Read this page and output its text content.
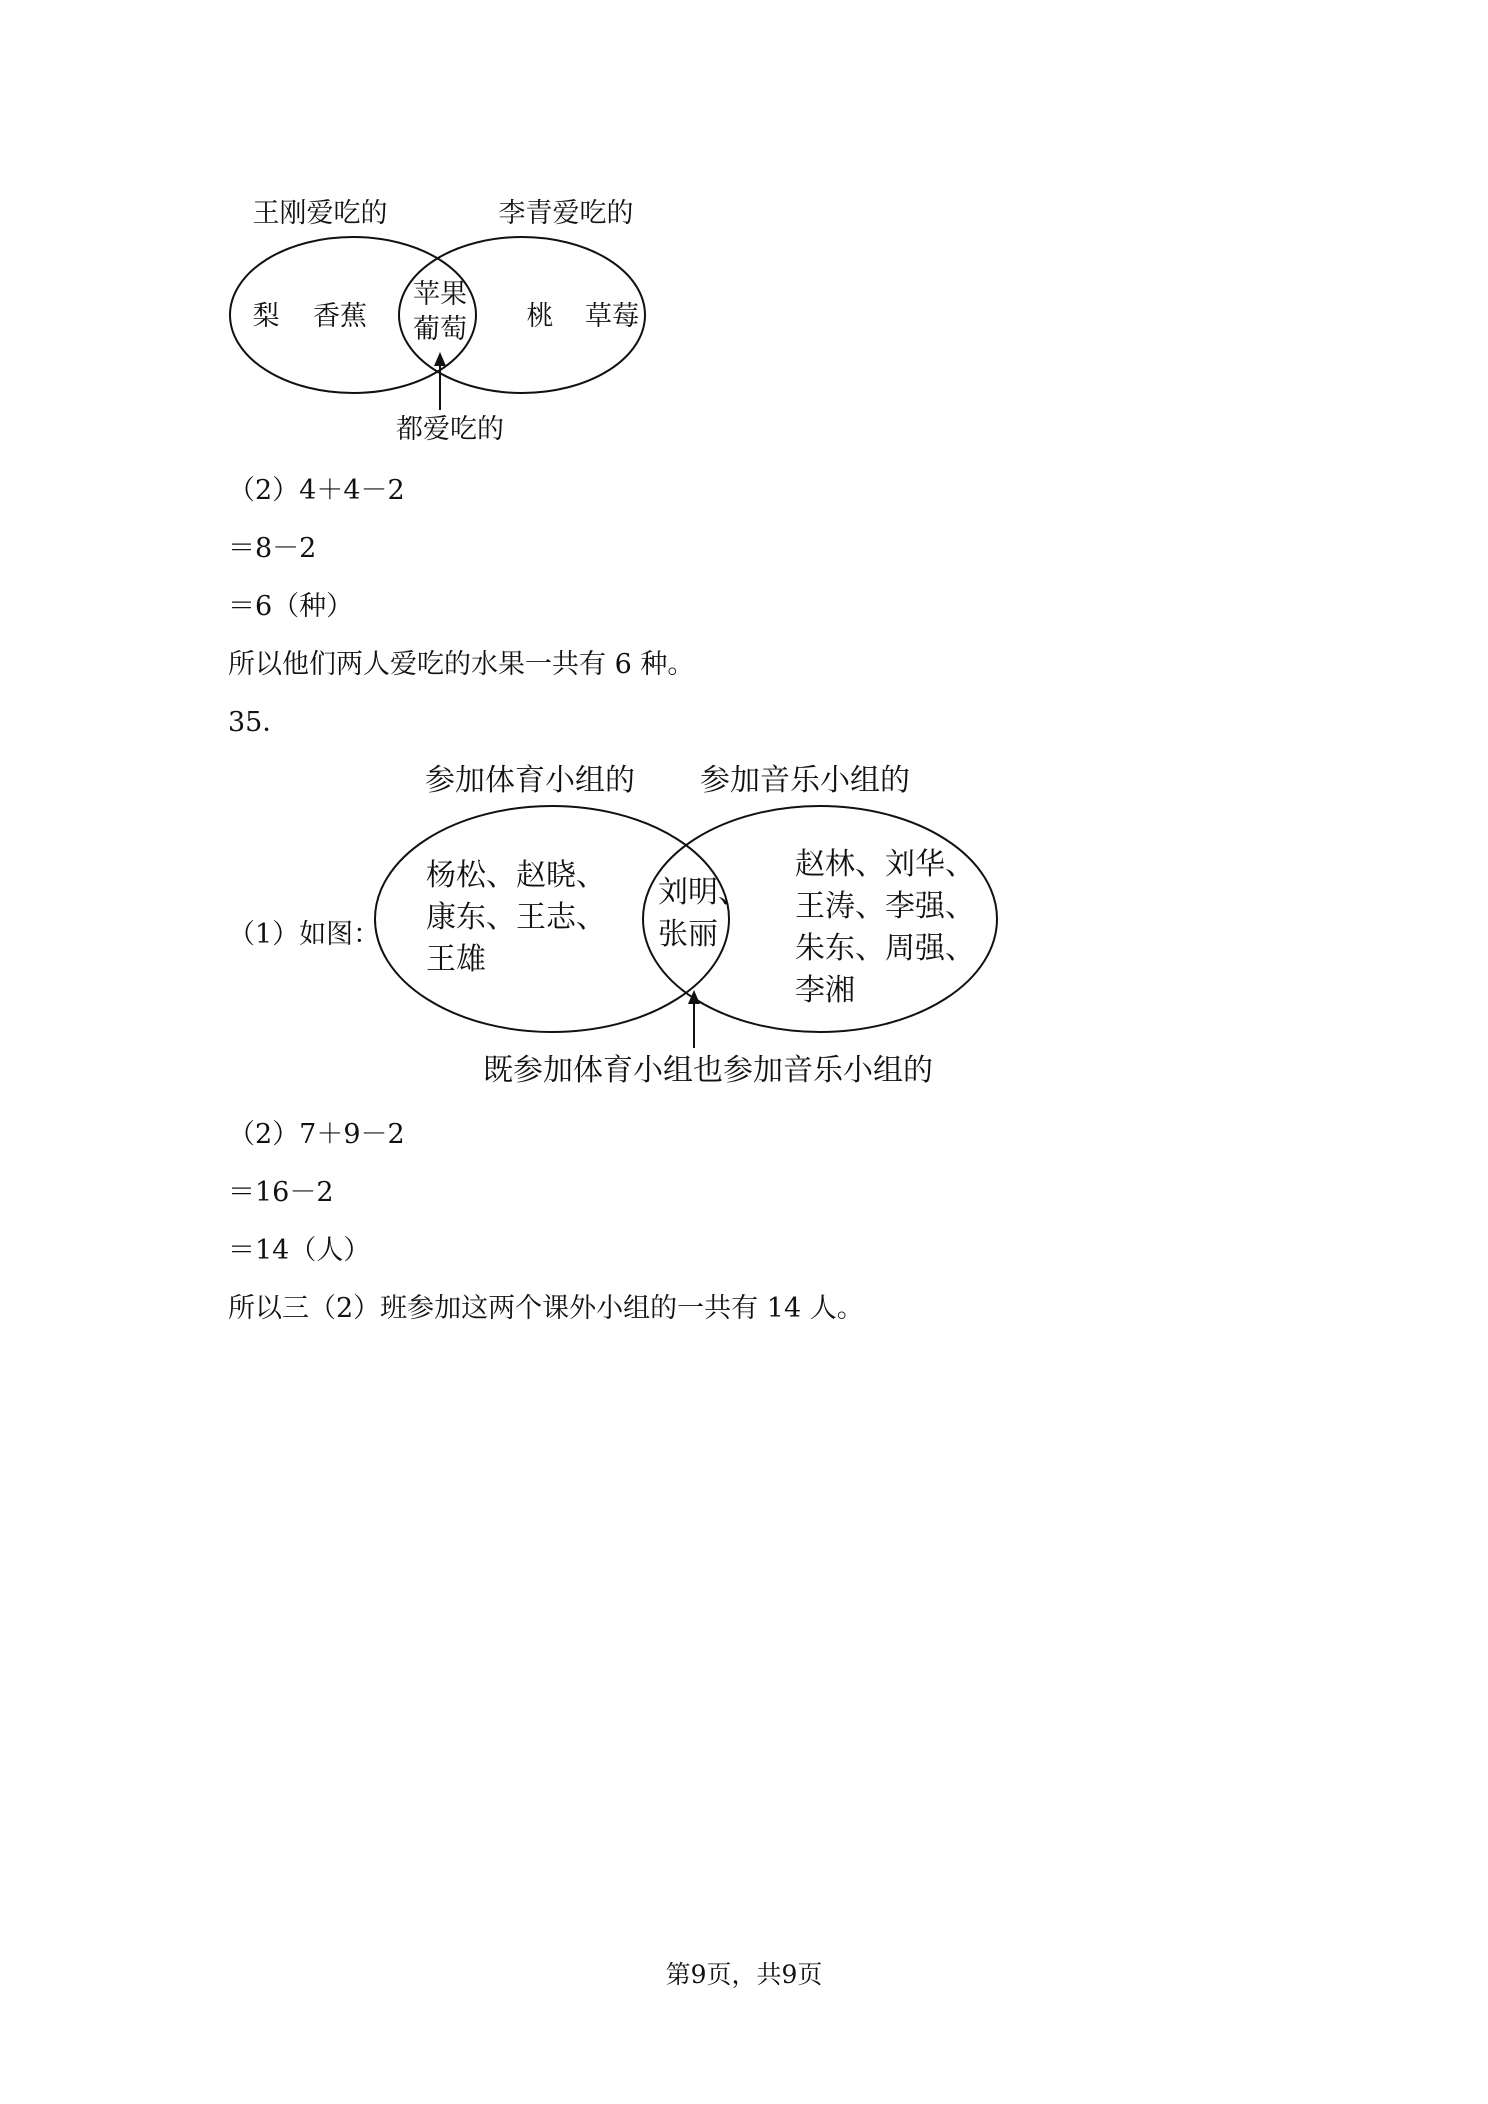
王刚爱吃的	李青爱吃的
梨 香蕉
苹果
葡萄 桃 草莓
都爱吃的
（2）4＋4－2
＝8－2
＝6（种）
所以他们两人爱吃的水果一共有 6 种。
35．
（1）如图：
参加体育小组的 参加音乐小组的
杨松、赵晓、
康东、王志、
王雄
刘明、
张丽
赵林、刘华、
王涛、李强、
朱东、周强、
李湘
既参加体育小组也参加音乐小组的
（2）7＋9－2
＝16－2
＝14（人）
所以三（2）班参加这两个课外小组的一共有 14 人。
第9页，共9页
